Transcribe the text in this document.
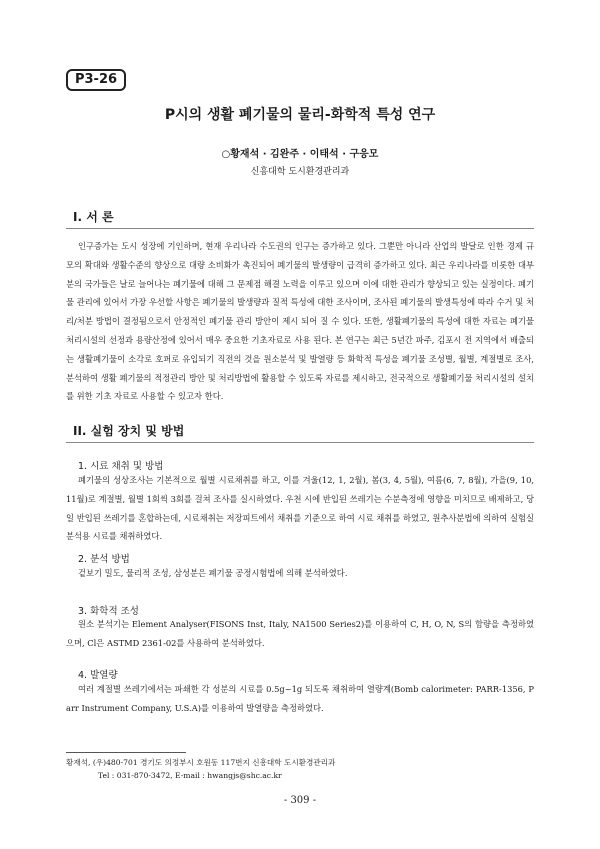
P3-26
P시의 생활 폐기물의 물리-화학적 특성 연구
○황재석 · 김완주 · 이태석 · 구응모
신흥대학 도시환경관리과
I. 서 론

인구증가는 도시 성장에 기인하며, 현재 우리나라 수도권의 인구는 증가하고 있다. 그뿐만 아니라 산업의 발달로 인한 경제 규모의 확대와 생활수준의 향상으로 대량 소비화가 촉진되어 폐기물의 발생량이 급격히 증가하고 있다. 최근 우리나라를 비롯한 대부분의 국가들은 날로 늘어나는 폐기물에 대해 그 문제점 해결 노력을 이루고 있으며 이에 대한 관리가 향상되고 있는 실정이다. 폐기물 관리에 있어서 가장 우선할 사항은 폐기물의 발생량과 질적 특성에 대한 조사이며, 조사된 폐기물의 발생특성에 따라 수거 및 처리/처분 방법이 결정됨으로서 안정적인 폐기물 관리 방안이 제시 되어 질 수 있다. 또한, 생활폐기물의 특성에 대한 자료는 폐기물 처리시설의 선정과 용량산정에 있어서 매우 중요한 기초자료로 사용 된다. 본 연구는 최근 5년간 파주, 김포시 전 지역에서 배출되는 생활폐기물이 소각로 호퍼로 유입되기 직전의 것을 원소분석 및 발열량 등 화학적 특성을 폐기물 조성별, 월별, 계절별로 조사, 분석하여 생활 폐기물의 적정관리 방안 및 처리방법에 활용할 수 있도록 자료를 제시하고, 전국적으로 생활폐기물 처리시설의 설치를 위한 기초 자료로 사용할 수 있고자 한다.

II. 실험 장치 및 방법
1. 시료 채취 및 방법

폐기물의 성상조사는 기본적으로 월별 시료채취를 하고, 이를 겨울(12, 1, 2월), 봄(3, 4, 5월), 여름(6, 7, 8월), 가을(9, 10, 11월)로 계절별, 월별 1회씩 3회를 걸쳐 조사를 실시하였다. 우천 시에 반입된 쓰레기는 수분측정에 영향을 미치므로 배제하고, 당일 반입된 쓰레기를 혼합하는데, 시료채취는 저장피트에서 채취를 기준으로 하여 시료 채취를 하였고, 원추사분법에 의하여 실험실 분석용 시료를 채취하였다.

2. 분석 방법

겉보기 밀도, 물리적 조성, 삼성분은 폐기물 공정시험법에 의해 분석하였다.

3. 화학적 조성

원소 분석기는 Element Analyser(FISONS Inst, Italy, NA1500 Series2)를 이용하여 C, H, O, N, S의 함량을 측정하였으며, Cl은 ASTMD 2361-02를 사용하여 분석하였다.

4. 발열량

여러 계절별 쓰레기에서는 파쇄한 각 성분의 시료를 0.5g~1g 되도록 채취하여 열량계(Bomb calorimeter: PARR-1356, Parr Instrument Company, U.S.A)를 이용하여 발열량을 측정하였다.

황재석, (우)480-701 경기도 의정부시 호원동 117번지 신흥대학 도시환경관리과
Tel : 031-870-3472, E-mail : hwangjs@shc.ac.kr
- 309 -
